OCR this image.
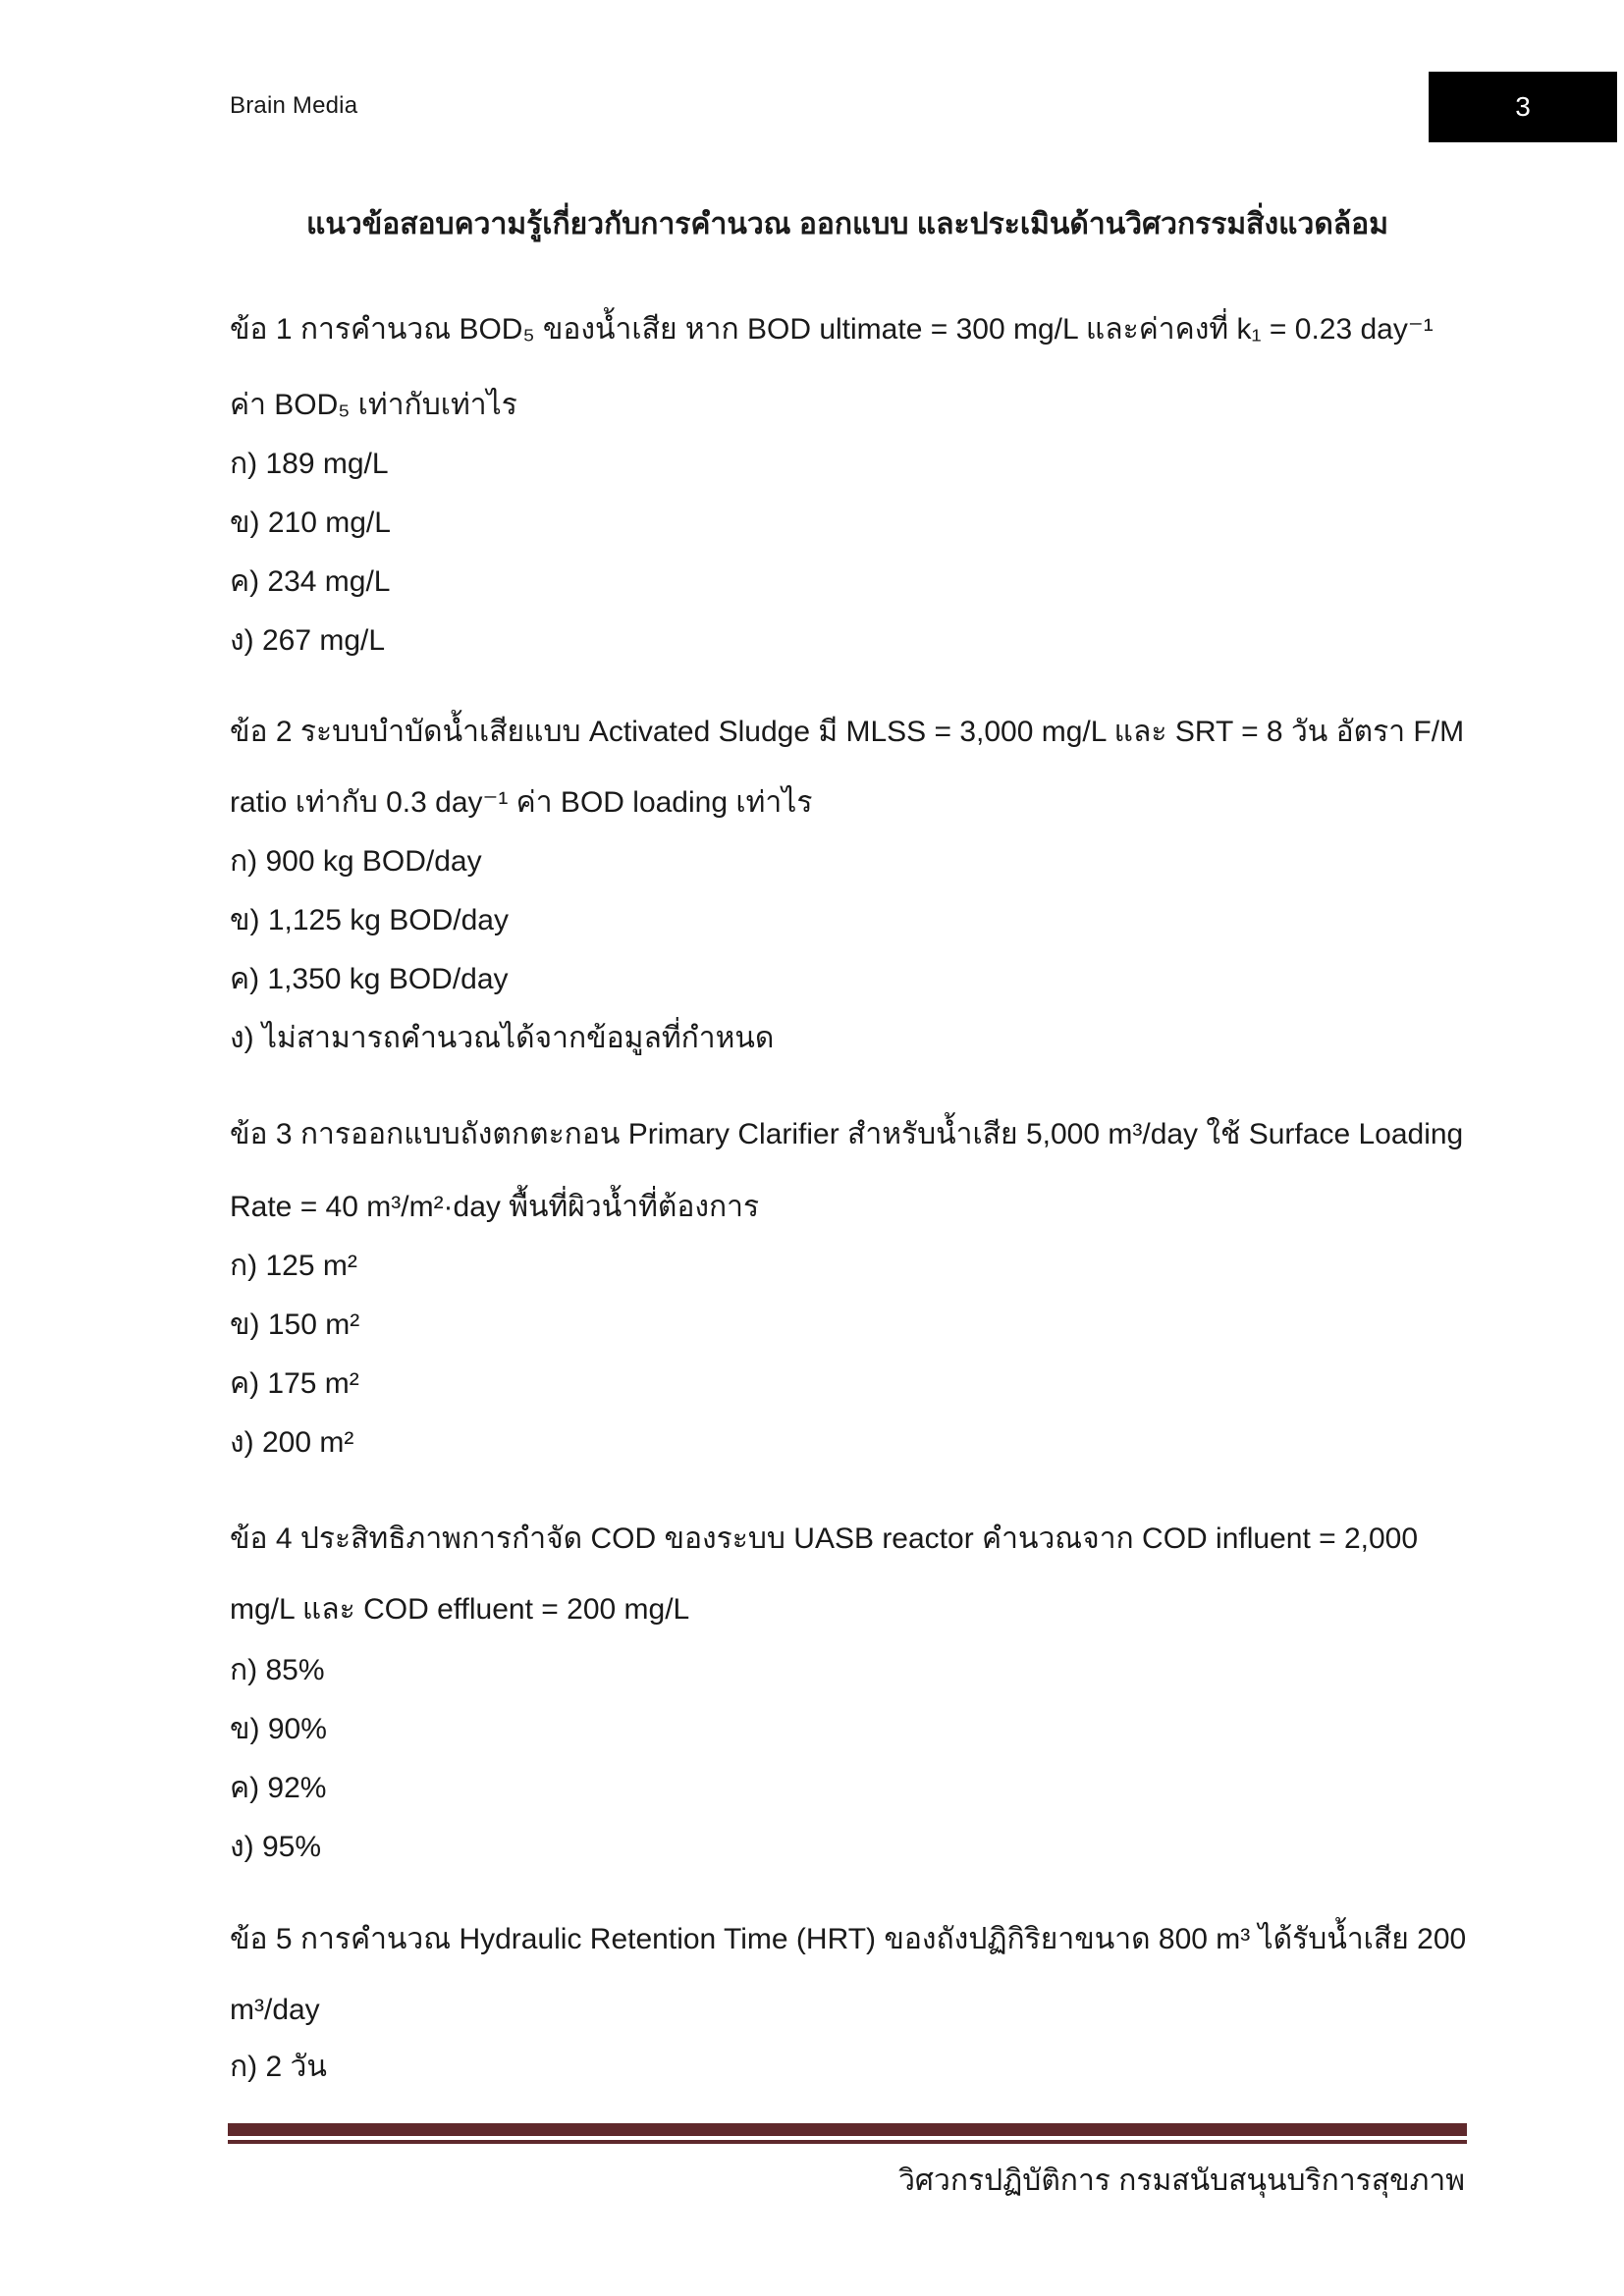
Brain Media	3
แนวข้อสอบความรู้เกี่ยวกับการคำนวณ ออกแบบ และประเมินด้านวิศวกรรมสิ่งแวดล้อม
ข้อ 1 การคำนวณ BOD₅ ของน้ำเสีย หาก BOD ultimate = 300 mg/L และค่าคงที่ k₁ = 0.23 day⁻¹
ค่า BOD₅ เท่ากับเท่าไร
ก) 189 mg/L
ข) 210 mg/L
ค) 234 mg/L
ง) 267 mg/L
ข้อ 2 ระบบบำบัดน้ำเสียแบบ Activated Sludge มี MLSS = 3,000 mg/L และ SRT = 8 วัน อัตรา F/M
ratio เท่ากับ 0.3 day⁻¹ ค่า BOD loading เท่าไร
ก) 900 kg BOD/day
ข) 1,125 kg BOD/day
ค) 1,350 kg BOD/day
ง) ไม่สามารถคำนวณได้จากข้อมูลที่กำหนด
ข้อ 3 การออกแบบถังตกตะกอน Primary Clarifier สำหรับน้ำเสีย 5,000 m³/day ใช้ Surface Loading
Rate = 40 m³/m²·day พื้นที่ผิวน้ำที่ต้องการ
ก) 125 m²
ข) 150 m²
ค) 175 m²
ง) 200 m²
ข้อ 4 ประสิทธิภาพการกำจัด COD ของระบบ UASB reactor คำนวณจาก COD influent = 2,000
mg/L และ COD effluent = 200 mg/L
ก) 85%
ข) 90%
ค) 92%
ง) 95%
ข้อ 5 การคำนวณ Hydraulic Retention Time (HRT) ของถังปฏิกิริยาขนาด 800 m³ ได้รับน้ำเสีย 200
m³/day
ก) 2 วัน
วิศวกรปฏิบัติการ กรมสนับสนุนบริการสุขภาพ
